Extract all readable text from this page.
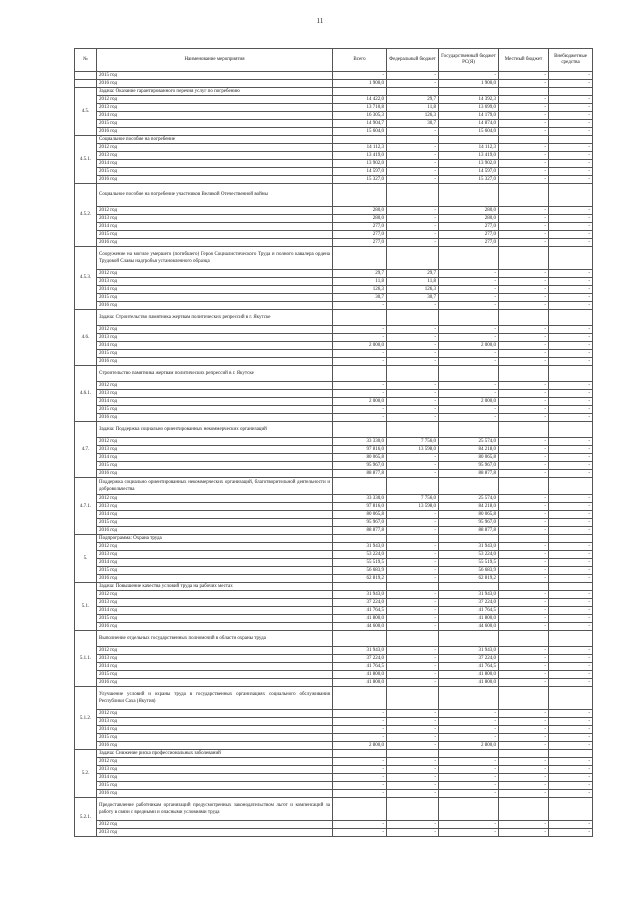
11
№	Наименование мероприятия	Всего	Федеральный бюджет	Государственный бюджет РС(Я)	Местный бюджет	Внебюджетные средства
	2015 год	-	-	-	-	-
	2016 год	1 900,0	-	1 900,0	-	-
4.5.	Задача: Оказание гарантированного перечня услуг по погребению					
	2012 год	14 422,0	29,7	14 392,3	-	-
	2013 год	13 710,8	11,8	13 699,0	-	-
	2014 год	16 305,3	126,3	14 179,0	-	-
	2015 год	14 904,7	30,7	14 874,0	-	-
	2016 год	15 604,0	-	15 604,0	-	-
4.5.1.	Социальное пособие на погребение					
	2012 год	14 112,3	-	14 112,3	-	-
	2013 год	13 419,0	-	13 419,0	-	-
	2014 год	13 902,0	-	13 902,0	-	-
	2015 год	14 597,0	-	14 597,0	-	-
	2016 год	15 327,0	-	15 327,0	-	-
4.5.2.	Социальное пособие на погребение участников Великой Отечественной войны					
	2012 год	280,0	-	280,0	-	-
	2013 год	280,0	-	280,0	-	-
	2014 год	277,0	-	277,0	-	-
	2015 год	277,0	-	277,0	-	-
	2016 год	277,0	-	277,0	-	-
4.5.3.	Сооружение на могиле умершего (погибшего) Героя Социалистического Труда и полного кавалера ордена Трудовой Славы надгробья установленного образца					
	2012 год	29,7	29,7	-	-	-
	2013 год	11,8	11,8	-	-	-
	2014 год	126,3	126,3	-	-	-
	2015 год	30,7	30,7	-	-	-
	2016 год	-	-	-	-	-
4.6.	Задача: Строительство памятника жертвам политических репрессий в г. Якутске					
	2012 год	-	-	-	-	-
	2013 год	-	-	-	-	-
	2014 год	2 000,0	-	2 000,0	-	-
	2015 год	-	-	-	-	-
	2016 год	-	-	-	-	-
4.6.1.	Строительство памятника жертвам политических репрессий в г. Якутске					
	2012 год	-	-	-	-	-
	2013 год	-	-	-	-	-
	2014 год	2 000,0	-	2 000,0	-	-
	2015 год	-	-	-	-	-
	2016 год	-	-	-	-	-
4.7.	Задача: Поддержка социально ориентированных некоммерческих организаций					
	2012 год	33 330,0	7 756,0	25 574,0	-	-
	2013 год	97 816,0	13 598,0	84 218,0	-	-
	2014 год	80 065,8	-	80 065,8	-	-
	2015 год	95 967,0	-	95 967,0	-	-
	2016 год	88 877,8	-	88 877,8	-	-
4.7.1.	Поддержка социально ориентированных некоммерческих организаций, благотворительной деятельности и добровольчества					
	2012 год	33 330,0	7 756,0	25 574,0	-	-
	2013 год	97 816,0	13 598,0	84 218,0	-	-
	2014 год	80 065,8	-	80 065,8	-	-
	2015 год	95 967,0	-	95 967,0	-	-
	2016 год	88 877,8	-	88 877,8	-	-
5.	Подпрограмма: Охрана труда					
	2012 год	31 943,0	-	31 943,0	-	-
	2013 год	53 224,0	-	53 224,0	-	-
	2014 год	55 519,5	-	55 519,5	-	-
	2015 год	56 683,9	-	56 683,9	-	-
	2016 год	62 819,2	-	62 819,2	-	-
5.1.	Задача: Повышение качества условий труда на рабочих местах					
	2012 год	31 943,0	-	31 943,0	-	-
	2013 год	37 224,0	-	37 224,0	-	-
	2014 год	41 764,5	-	41 764,5	-	-
	2015 год	41 800,0	-	41 800,0	-	-
	2016 год	44 600,0	-	44 600,0	-	-
5.1.1.	Выполнение отдельных государственных полномочий в области охраны труда					
	2012 год	31 943,0	-	31 943,0	-	-
	2013 год	37 224,0	-	37 224,0	-	-
	2014 год	41 764,5	-	41 764,5	-	-
	2015 год	41 800,0	-	41 800,0	-	-
	2016 год	41 800,0	-	41 800,0	-	-
5.1.2.	Улучшение условий и охраны труда в государственных организациях социального обслуживания Республики Саха (Якутия)					
	2012 год	-	-	-	-	-
	2013 год	-	-	-	-	-
	2014 год	-	-	-	-	-
	2015 год	-	-	-	-	-
	2016 год	2 800,0	-	2 800,0	-	-
5.2.	Задача: Снижение риска профессиональных заболеваний					
	2012 год	-	-	-	-	-
	2013 год	-	-	-	-	-
	2014 год	-	-	-	-	-
	2015 год	-	-	-	-	-
	2016 год	-	-	-	-	-
5.2.1.	Предоставление работникам организаций предусмотренных законодательством льгот и компенсаций за работу в связи с вредными и опасными условиями труда					
	2012 год	-	-	-	-	-
	2013 год	-	-	-	-	-
